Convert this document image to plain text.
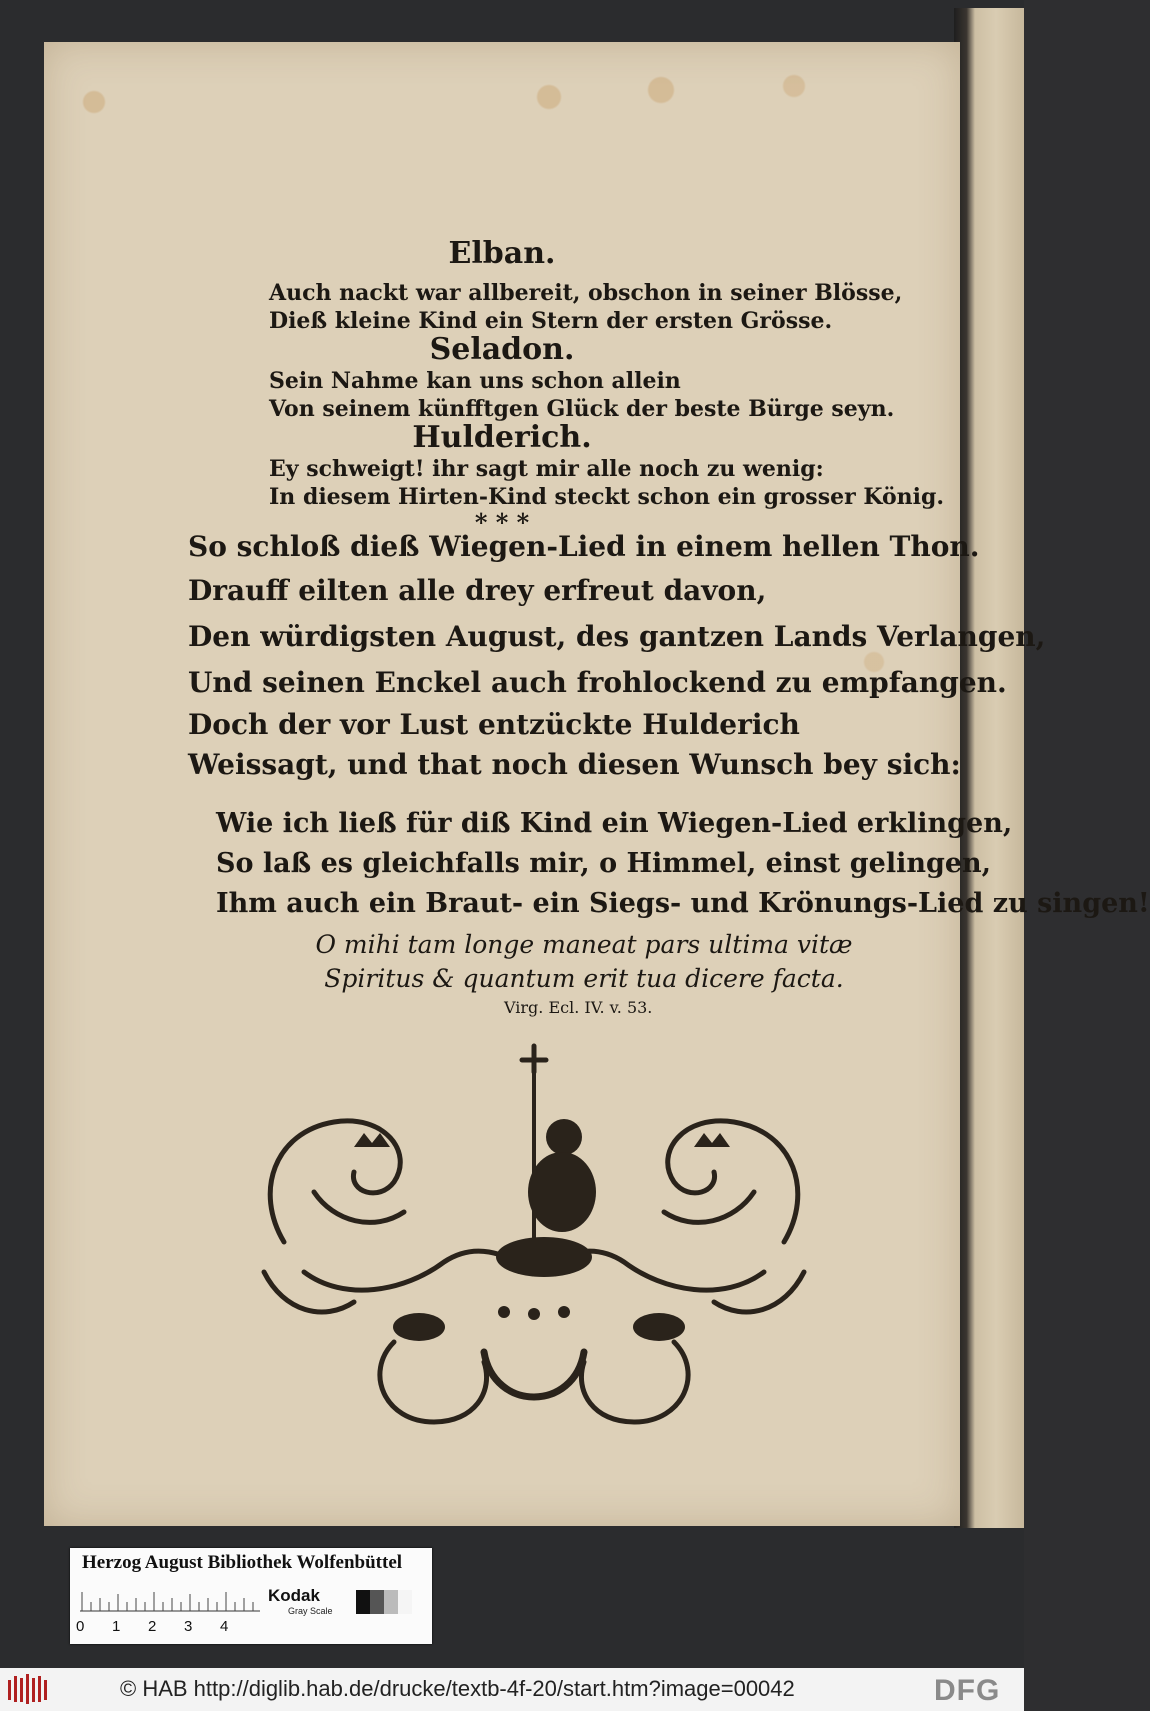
Elban.

Auch nackt war allbereit, obschon in seiner Blösse,

Dieß kleine Kind ein Stern der ersten Grösse.

Seladon.

Sein Nahme kan uns schon allein

Von seinem künfftgen Glück der beste Bürge seyn.

Hulderich.

Ey schweigt! ihr sagt mir alle noch zu wenig:

In diesem Hirten-Kind steckt schon ein grosser König.

* * *

So schloß dieß Wiegen-Lied in einem hellen Thon.

Drauff eilten alle drey erfreut davon,

Den würdigsten August, des gantzen Lands Verlangen,

Und seinen Enckel auch frohlockend zu empfangen.

Doch der vor Lust entzückte Hulderich

Weissagt, und that noch diesen Wunsch bey sich:

Wie ich ließ für diß Kind ein Wiegen-Lied erklingen,

So laß es gleichfalls mir, o Himmel, einst gelingen,

Ihm auch ein Braut- ein Siegs- und Krönungs-Lied zu singen!

O mihi tam longe maneat pars ultima vitæ

Spiritus & quantum erit tua dicere facta.

Virg. Ecl. IV. v. 53.

Herzog August Bibliothek Wolfenbüttel
0 1 2 3 4
Kodak
Gray Scale
© HAB http://diglib.hab.de/drucke/textb-4f-20/start.htm?image=00042	DFG
